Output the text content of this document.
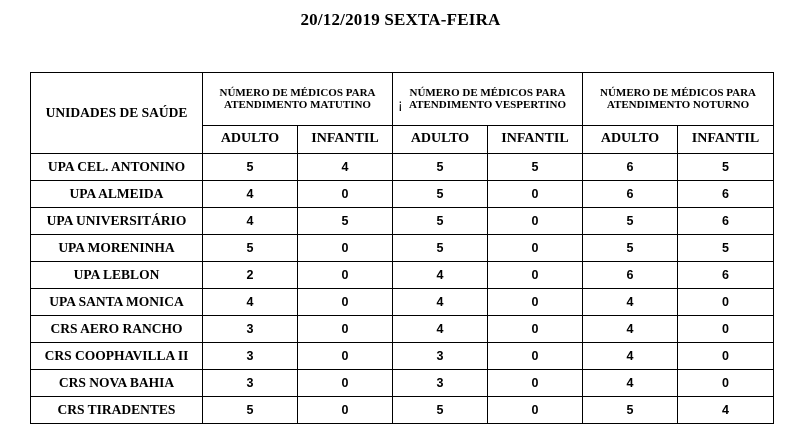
20/12/2019 SEXTA-FEIRA
¡
UNIDADES DE SAÚDE	NÚMERO DE MÉDICOS PARA ATENDIMENTO MATUTINO		NÚMERO DE MÉDICOS PARA ATENDIMENTO VESPERTINO		NÚMERO DE MÉDICOS PARA ATENDIMENTO NOTURNO	
	ADULTO	INFANTIL	ADULTO	INFANTIL	ADULTO	INFANTIL
UPA CEL. ANTONINO	5	4	5	5	6	5
UPA ALMEIDA	4	0	5	0	6	6
UPA UNIVERSITÁRIO	4	5	5	0	5	6
UPA MORENINHA	5	0	5	0	5	5
UPA LEBLON	2	0	4	0	6	6
UPA SANTA MONICA	4	0	4	0	4	0
CRS AERO RANCHO	3	0	4	0	4	0
CRS COOPHAVILLA II	3	0	3	0	4	0
CRS NOVA BAHIA	3	0	3	0	4	0
CRS TIRADENTES	5	0	5	0	5	4
